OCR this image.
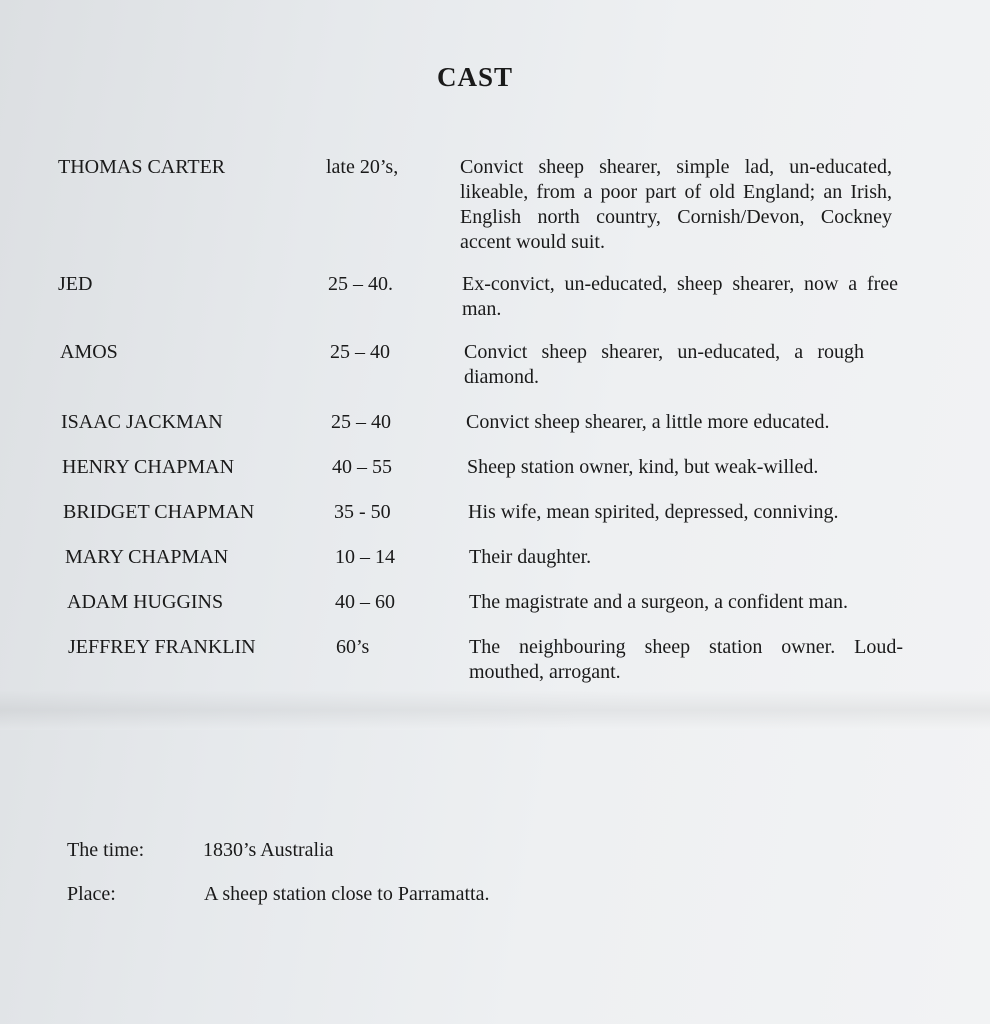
CAST
THOMAS CARTER	late 20’s,	Convict sheep shearer, simple lad, un-educated, likeable, from a poor part of old England; an Irish, English north country, Cornish/Devon, Cockney accent would suit.
JED	25 – 40.	Ex-convict, un-educated, sheep shearer, now a free man.
AMOS	25 – 40	Convict sheep shearer, un-educated, a rough diamond.
ISAAC JACKMAN	25 – 40	Convict sheep shearer, a little more educated.
HENRY CHAPMAN	40 – 55	Sheep station owner, kind, but weak-willed.
BRIDGET CHAPMAN	35 - 50	His wife, mean spirited, depressed, conniving.
MARY CHAPMAN	10 – 14	Their daughter.
ADAM HUGGINS	40 – 60	The magistrate and a surgeon, a confident man.
JEFFREY FRANKLIN	60’s	The neighbouring sheep station owner. Loud-mouthed, arrogant.
The time:	1830’s Australia
Place:	A sheep station close to Parramatta.
